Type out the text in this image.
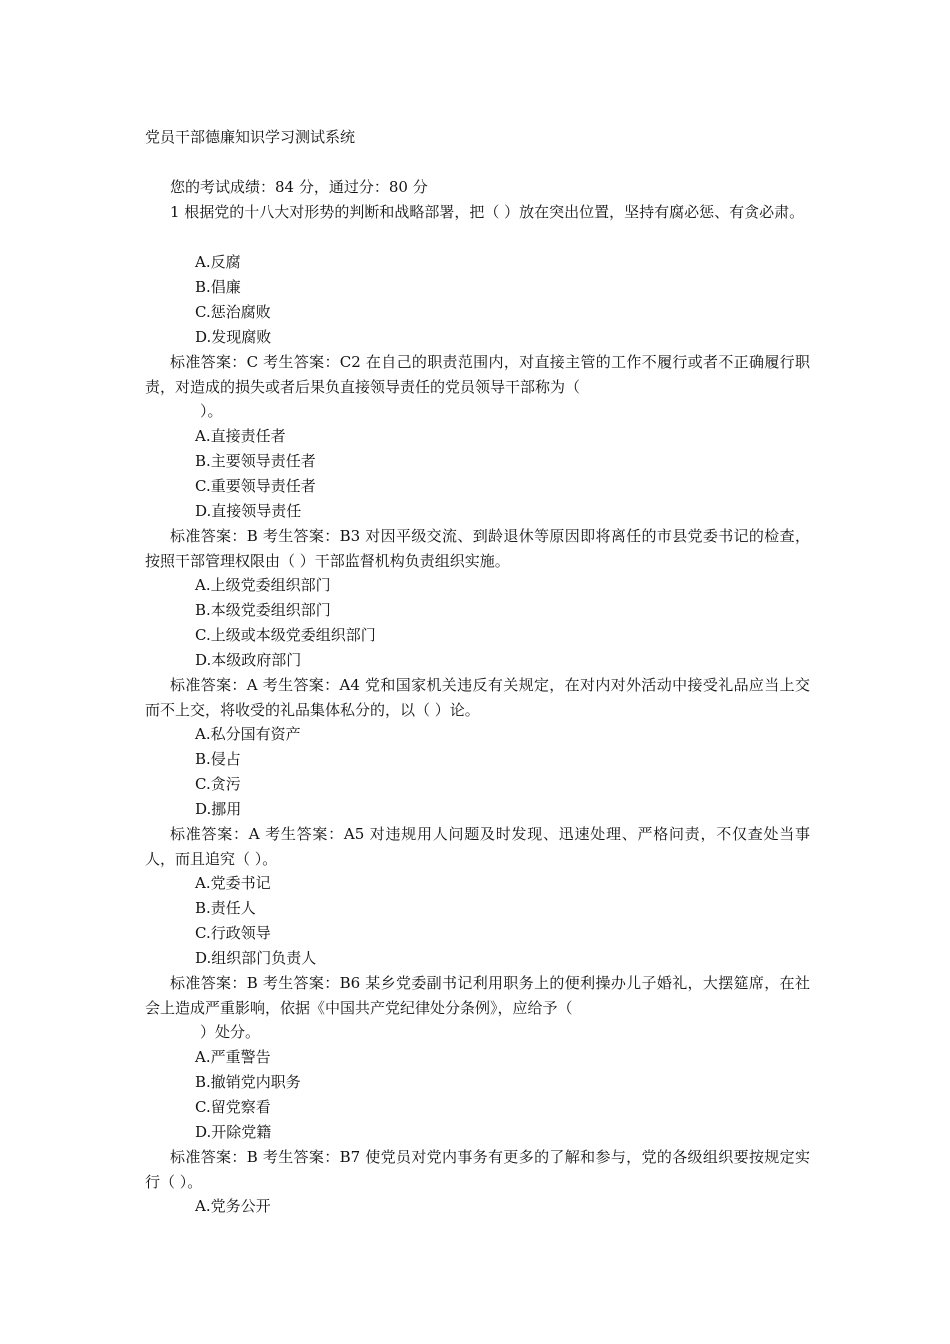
党员干部德廉知识学习测试系统
您的考试成绩：84 分，通过分：80 分
1 根据党的十八大对形势的判断和战略部署，把（ ）放在突出位置，坚持有腐必惩、有贪必肃。
A.反腐
B.倡廉
C.惩治腐败
D.发现腐败
标准答案：C 考生答案：C2 在自己的职责范围内，对直接主管的工作不履行或者不正确履行职责，对造成的损失或者后果负直接领导责任的党员领导干部称为（
）。
A.直接责任者
B.主要领导责任者
C.重要领导责任者
D.直接领导责任
标准答案：B 考生答案：B3 对因平级交流、到龄退休等原因即将离任的市县党委书记的检查，按照干部管理权限由（ ）干部监督机构负责组织实施。
A.上级党委组织部门
B.本级党委组织部门
C.上级或本级党委组织部门
D.本级政府部门
标准答案：A 考生答案：A4 党和国家机关违反有关规定，在对内对外活动中接受礼品应当上交而不上交，将收受的礼品集体私分的，以（ ）论。
A.私分国有资产
B.侵占
C.贪污
D.挪用
标准答案：A 考生答案：A5 对违规用人问题及时发现、迅速处理、严格问责，不仅查处当事人，而且追究（ ）。
A.党委书记
B.责任人
C.行政领导
D.组织部门负责人
标准答案：B 考生答案：B6 某乡党委副书记利用职务上的便利操办儿子婚礼，大摆筵席，在社会上造成严重影响，依据《中国共产党纪律处分条例》，应给予（
）处分。
A.严重警告
B.撤销党内职务
C.留党察看
D.开除党籍
标准答案：B 考生答案：B7 使党员对党内事务有更多的了解和参与，党的各级组织要按规定实行（ ）。
A.党务公开
